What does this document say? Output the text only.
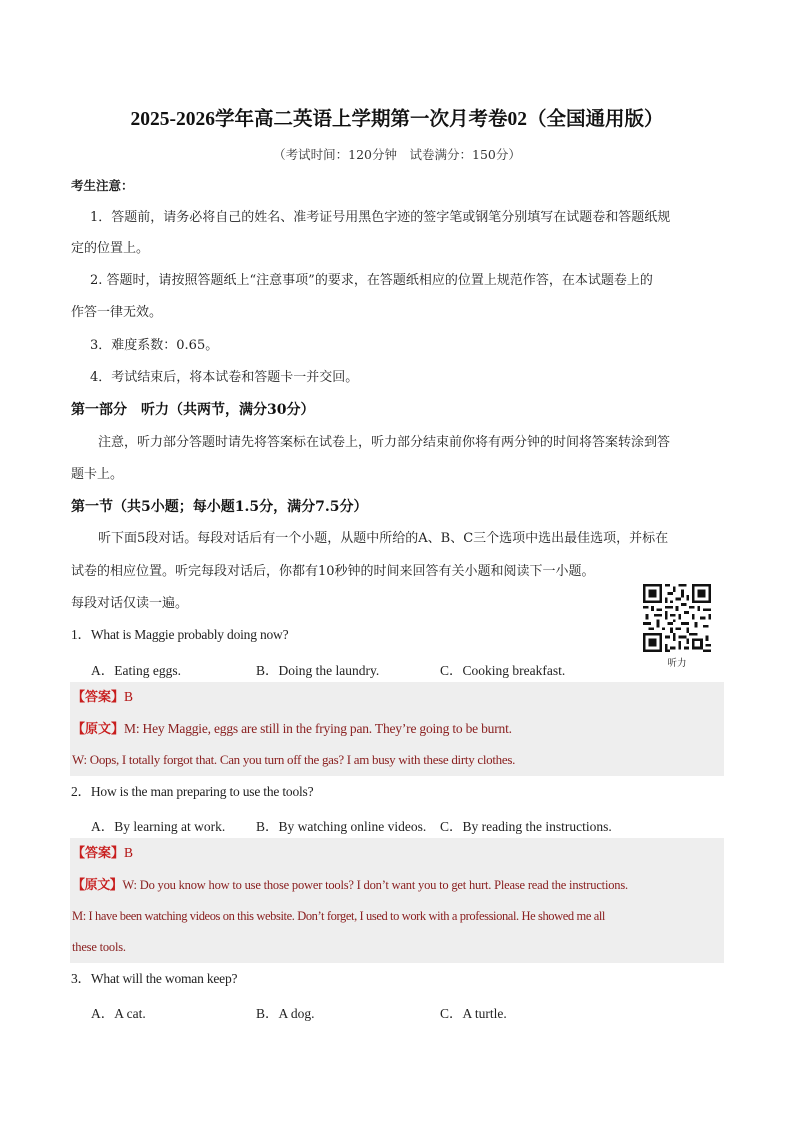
2025-2026学年高二英语上学期第一次月考卷02（全国通用版）
（考试时间：120分钟　试卷满分：150分）
考生注意：
1．答题前，请务必将自己的姓名、准考证号用黑色字迹的签字笔或钢笔分别填写在试题卷和答题纸规
定的位置上。
2. 答题时，请按照答题纸上“注意事项”的要求，在答题纸相应的位置上规范作答，在本试题卷上的
作答一律无效。
3．难度系数：0.65。
4．考试结束后，将本试卷和答题卡一并交回。
第一部分　听力（共两节，满分30分）
注意，听力部分答题时请先将答案标在试卷上，听力部分结束前你将有两分钟的时间将答案转涂到答
题卡上。
第一节（共5小题；每小题1.5分，满分7.5分）
听下面5段对话。每段对话后有一个小题，从题中所给的A、B、C三个选项中选出最佳选项，并标在
试卷的相应位置。听完每段对话后，你都有10秒钟的时间来回答有关小题和阅读下一小题。
每段对话仅读一遍。
听力
1．What is Maggie probably doing now?
A．Eating eggs.	B．Doing the laundry.	C．Cooking breakfast.
【答案】B
【原文】M: Hey Maggie, eggs are still in the frying pan. They’re going to be burnt.
W: Oops, I totally forgot that. Can you turn off the gas? I am busy with these dirty clothes.
2．How is the man preparing to use the tools?
A．By learning at work. B．By watching online videos. C．By reading the instructions.
【答案】B
【原文】W: Do you know how to use those power tools? I don’t want you to get hurt. Please read the instructions.
M: I have been watching videos on this website. Don’t forget, I used to work with a professional. He showed me all
these tools.
3．What will the woman keep?
A．A cat.	B．A dog.	C．A turtle.
